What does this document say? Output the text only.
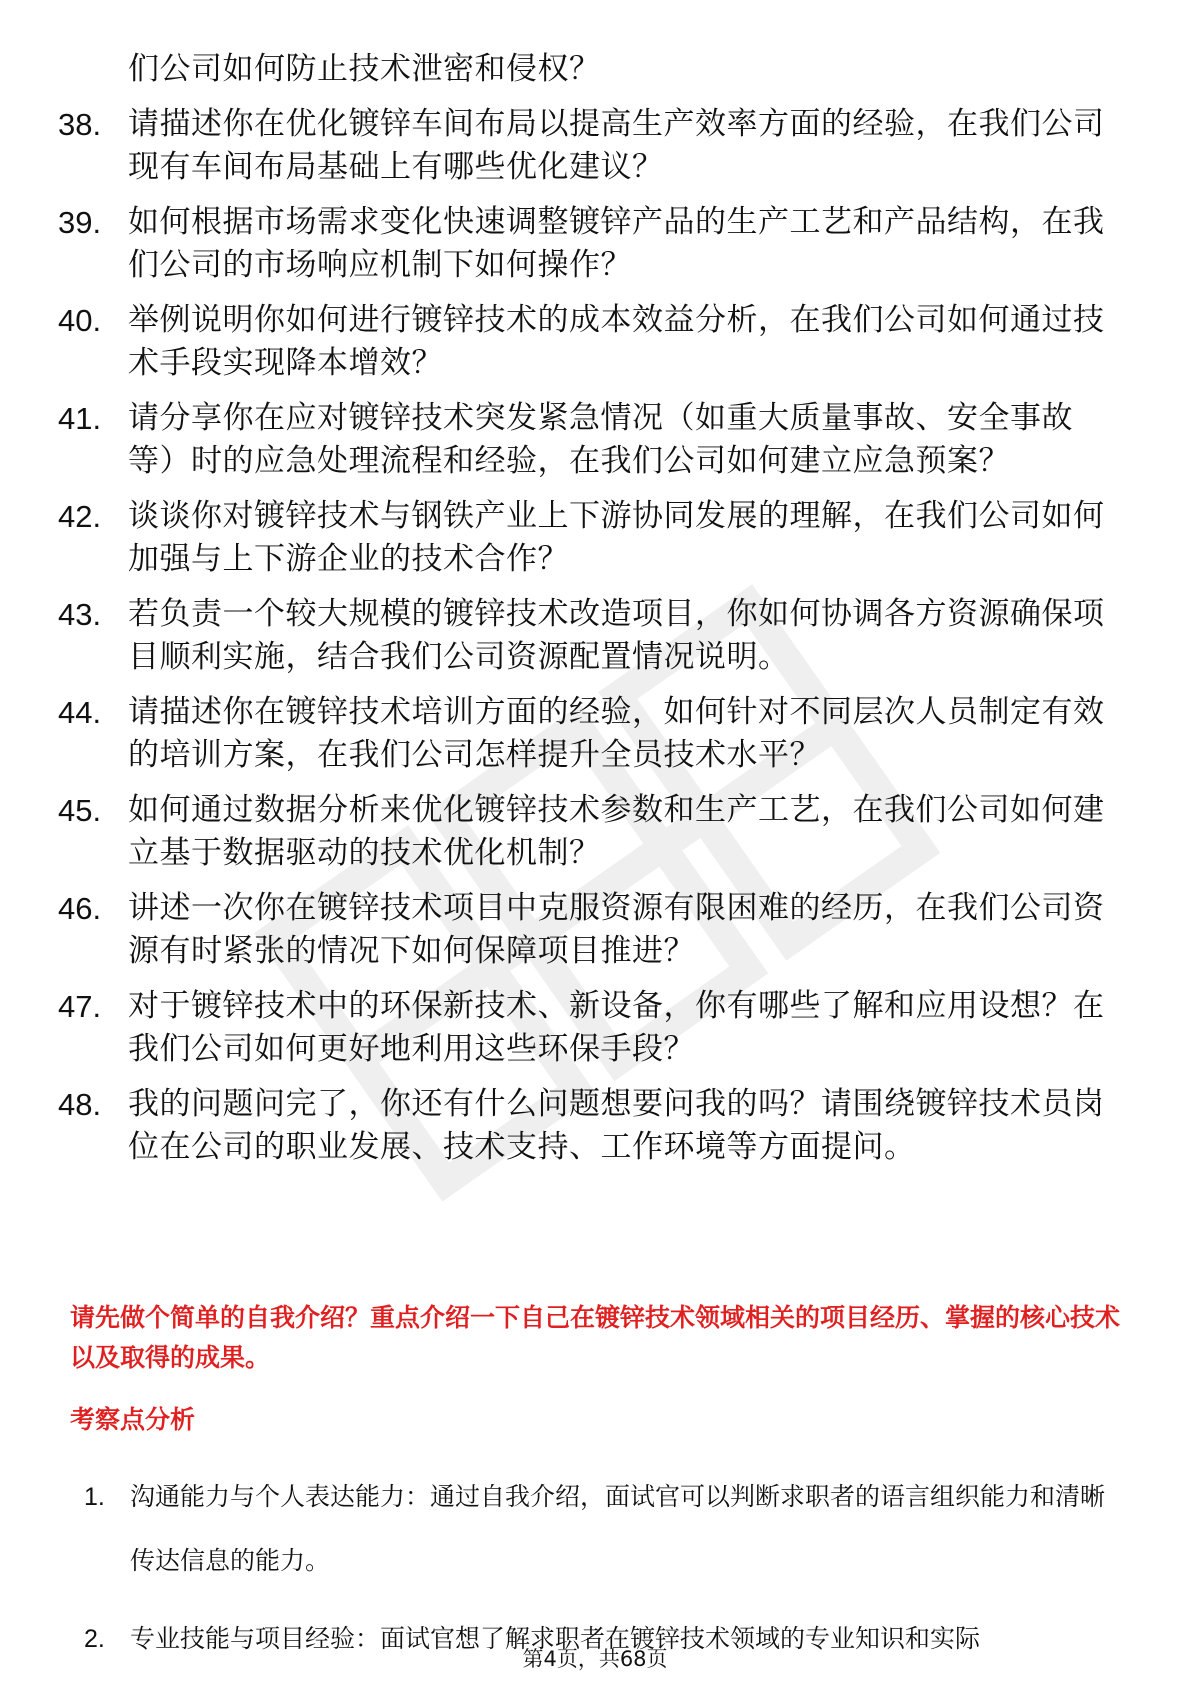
们公司如何防止技术泄密和侵权？
38. 请描述你在优化镀锌车间布局以提高生产效率方面的经验，在我们公司现有车间布局基础上有哪些优化建议？
39. 如何根据市场需求变化快速调整镀锌产品的生产工艺和产品结构，在我们公司的市场响应机制下如何操作？
40. 举例说明你如何进行镀锌技术的成本效益分析，在我们公司如何通过技术手段实现降本增效？
41. 请分享你在应对镀锌技术突发紧急情况（如重大质量事故、安全事故等）时的应急处理流程和经验，在我们公司如何建立应急预案？
42. 谈谈你对镀锌技术与钢铁产业上下游协同发展的理解，在我们公司如何加强与上下游企业的技术合作？
43. 若负责一个较大规模的镀锌技术改造项目，你如何协调各方资源确保项目顺利实施，结合我们公司资源配置情况说明。
44. 请描述你在镀锌技术培训方面的经验，如何针对不同层次人员制定有效的培训方案，在我们公司怎样提升全员技术水平？
45. 如何通过数据分析来优化镀锌技术参数和生产工艺，在我们公司如何建立基于数据驱动的技术优化机制？
46. 讲述一次你在镀锌技术项目中克服资源有限困难的经历，在我们公司资源有时紧张的情况下如何保障项目推进？
47. 对于镀锌技术中的环保新技术、新设备，你有哪些了解和应用设想？在我们公司如何更好地利用这些环保手段？
48. 我的问题问完了，你还有什么问题想要问我的吗？请围绕镀锌技术员岗位在公司的职业发展、技术支持、工作环境等方面提问。

请先做个简单的自我介绍？重点介绍一下自己在镀锌技术领域相关的项目经历、掌握的核心技术以及取得的成果。

考察点分析

1.	沟通能力与个人表达能力：通过自我介绍，面试官可以判断求职者的语言组织能力和清晰传达信息的能力。
2.	专业技能与项目经验：面试官想了解求职者在镀锌技术领域的专业知识和实际
第4页，共68页
